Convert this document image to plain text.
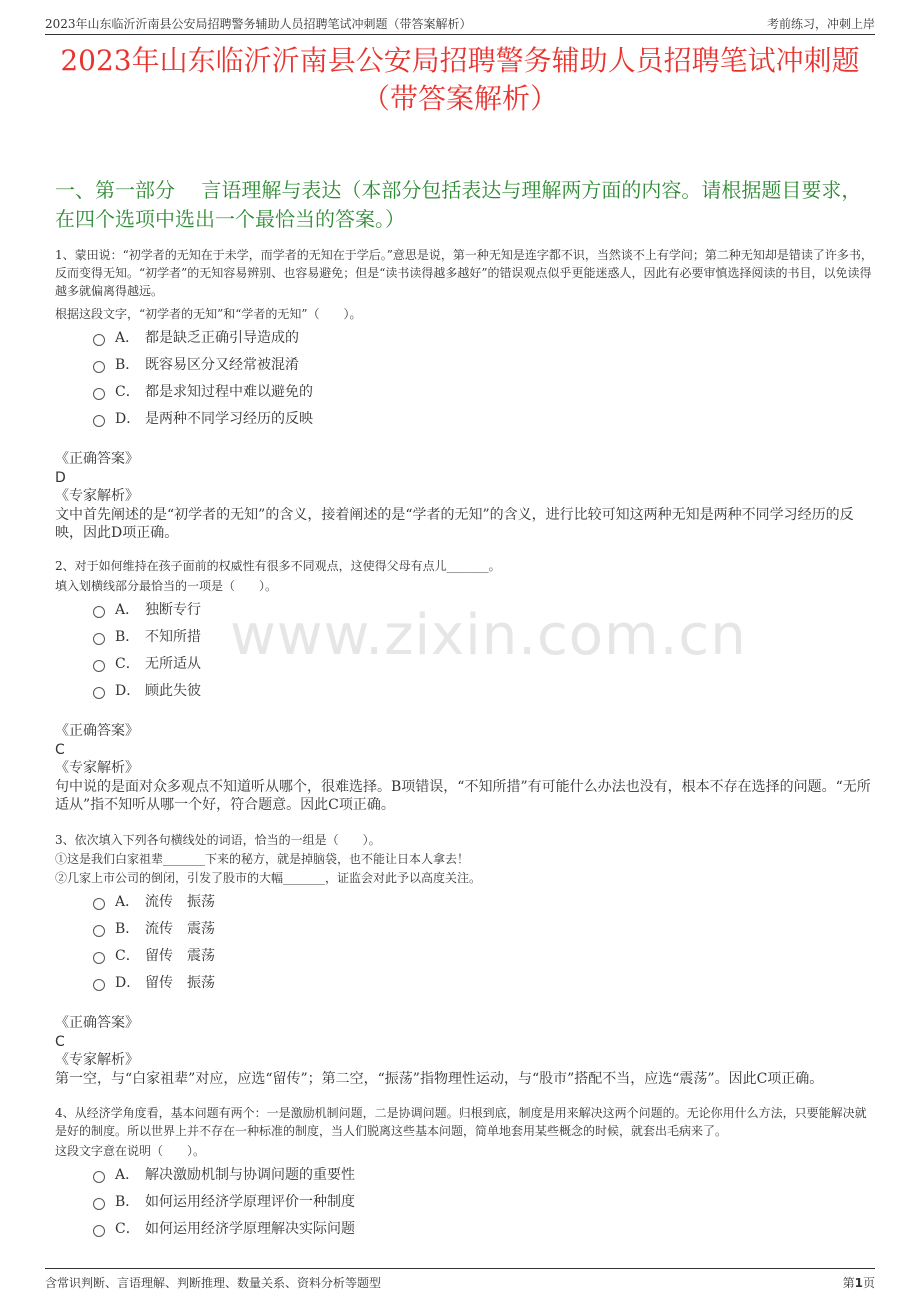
2023年山东临沂沂南县公安局招聘警务辅助人员招聘笔试冲刺题（带答案解析）	考前练习，冲刺上岸
2023年山东临沂沂南县公安局招聘警务辅助人员招聘笔试冲刺题（带答案解析）
一、第一部分　 言语理解与表达（本部分包括表达与理解两方面的内容。请根据题目要求，在四个选项中选出一个最恰当的答案。）
www.zixin.com.cn
1、蒙田说：“初学者的无知在于未学，而学者的无知在于学后。”意思是说，第一种无知是连字都不识，当然谈不上有学问；第二种无知却是错读了许多书，反而变得无知。“初学者”的无知容易辨别、也容易避免；但是“读书读得越多越好”的错误观点似乎更能迷惑人，因此有必要审慎选择阅读的书目，以免读得越多就偏离得越远。
根据这段文字，“初学者的无知”和“学者的无知”（　　）。
A． 都是缺乏正确引导造成的
B． 既容易区分又经常被混淆
C． 都是求知过程中难以避免的
D． 是两种不同学习经历的反映
《正确答案》
D
《专家解析》
文中首先阐述的是“初学者的无知”的含义，接着阐述的是“学者的无知”的含义，进行比较可知这两种无知是两种不同学习经历的反映，因此D项正确。
2、对于如何维持在孩子面前的权威性有很多不同观点，这使得父母有点儿_______。
填入划横线部分最恰当的一项是（　　）。
A． 独断专行
B． 不知所措
C． 无所适从
D． 顾此失彼
《正确答案》
C
《专家解析》
句中说的是面对众多观点不知道听从哪个，很难选择。B项错误，“不知所措”有可能什么办法也没有，根本不存在选择的问题。“无所适从”指不知听从哪一个好，符合题意。因此C项正确。
3、依次填入下列各句横线处的词语，恰当的一组是（　　）。
①这是我们白家祖辈_______下来的秘方，就是掉脑袋，也不能让日本人拿去！
②几家上市公司的倒闭，引发了股市的大幅_______，证监会对此予以高度关注。
A． 流传　振荡
B． 流传　震荡
C． 留传　震荡
D． 留传　振荡
《正确答案》
C
《专家解析》
第一空，与“白家祖辈”对应，应选“留传”；第二空，“振荡”指物理性运动，与“股市”搭配不当，应选“震荡”。因此C项正确。
4、从经济学角度看，基本问题有两个：一是激励机制问题，二是协调问题。归根到底，制度是用来解决这两个问题的。无论你用什么方法，只要能解决就是好的制度。所以世界上并不存在一种标准的制度，当人们脱离这些基本问题，简单地套用某些概念的时候，就套出毛病来了。
这段文字意在说明（　　）。
A． 解决激励机制与协调问题的重要性
B． 如何运用经济学原理评价一种制度
C． 如何运用经济学原理解决实际问题
含常识判断、言语理解、判断推理、数量关系、资料分析等题型	第1页
